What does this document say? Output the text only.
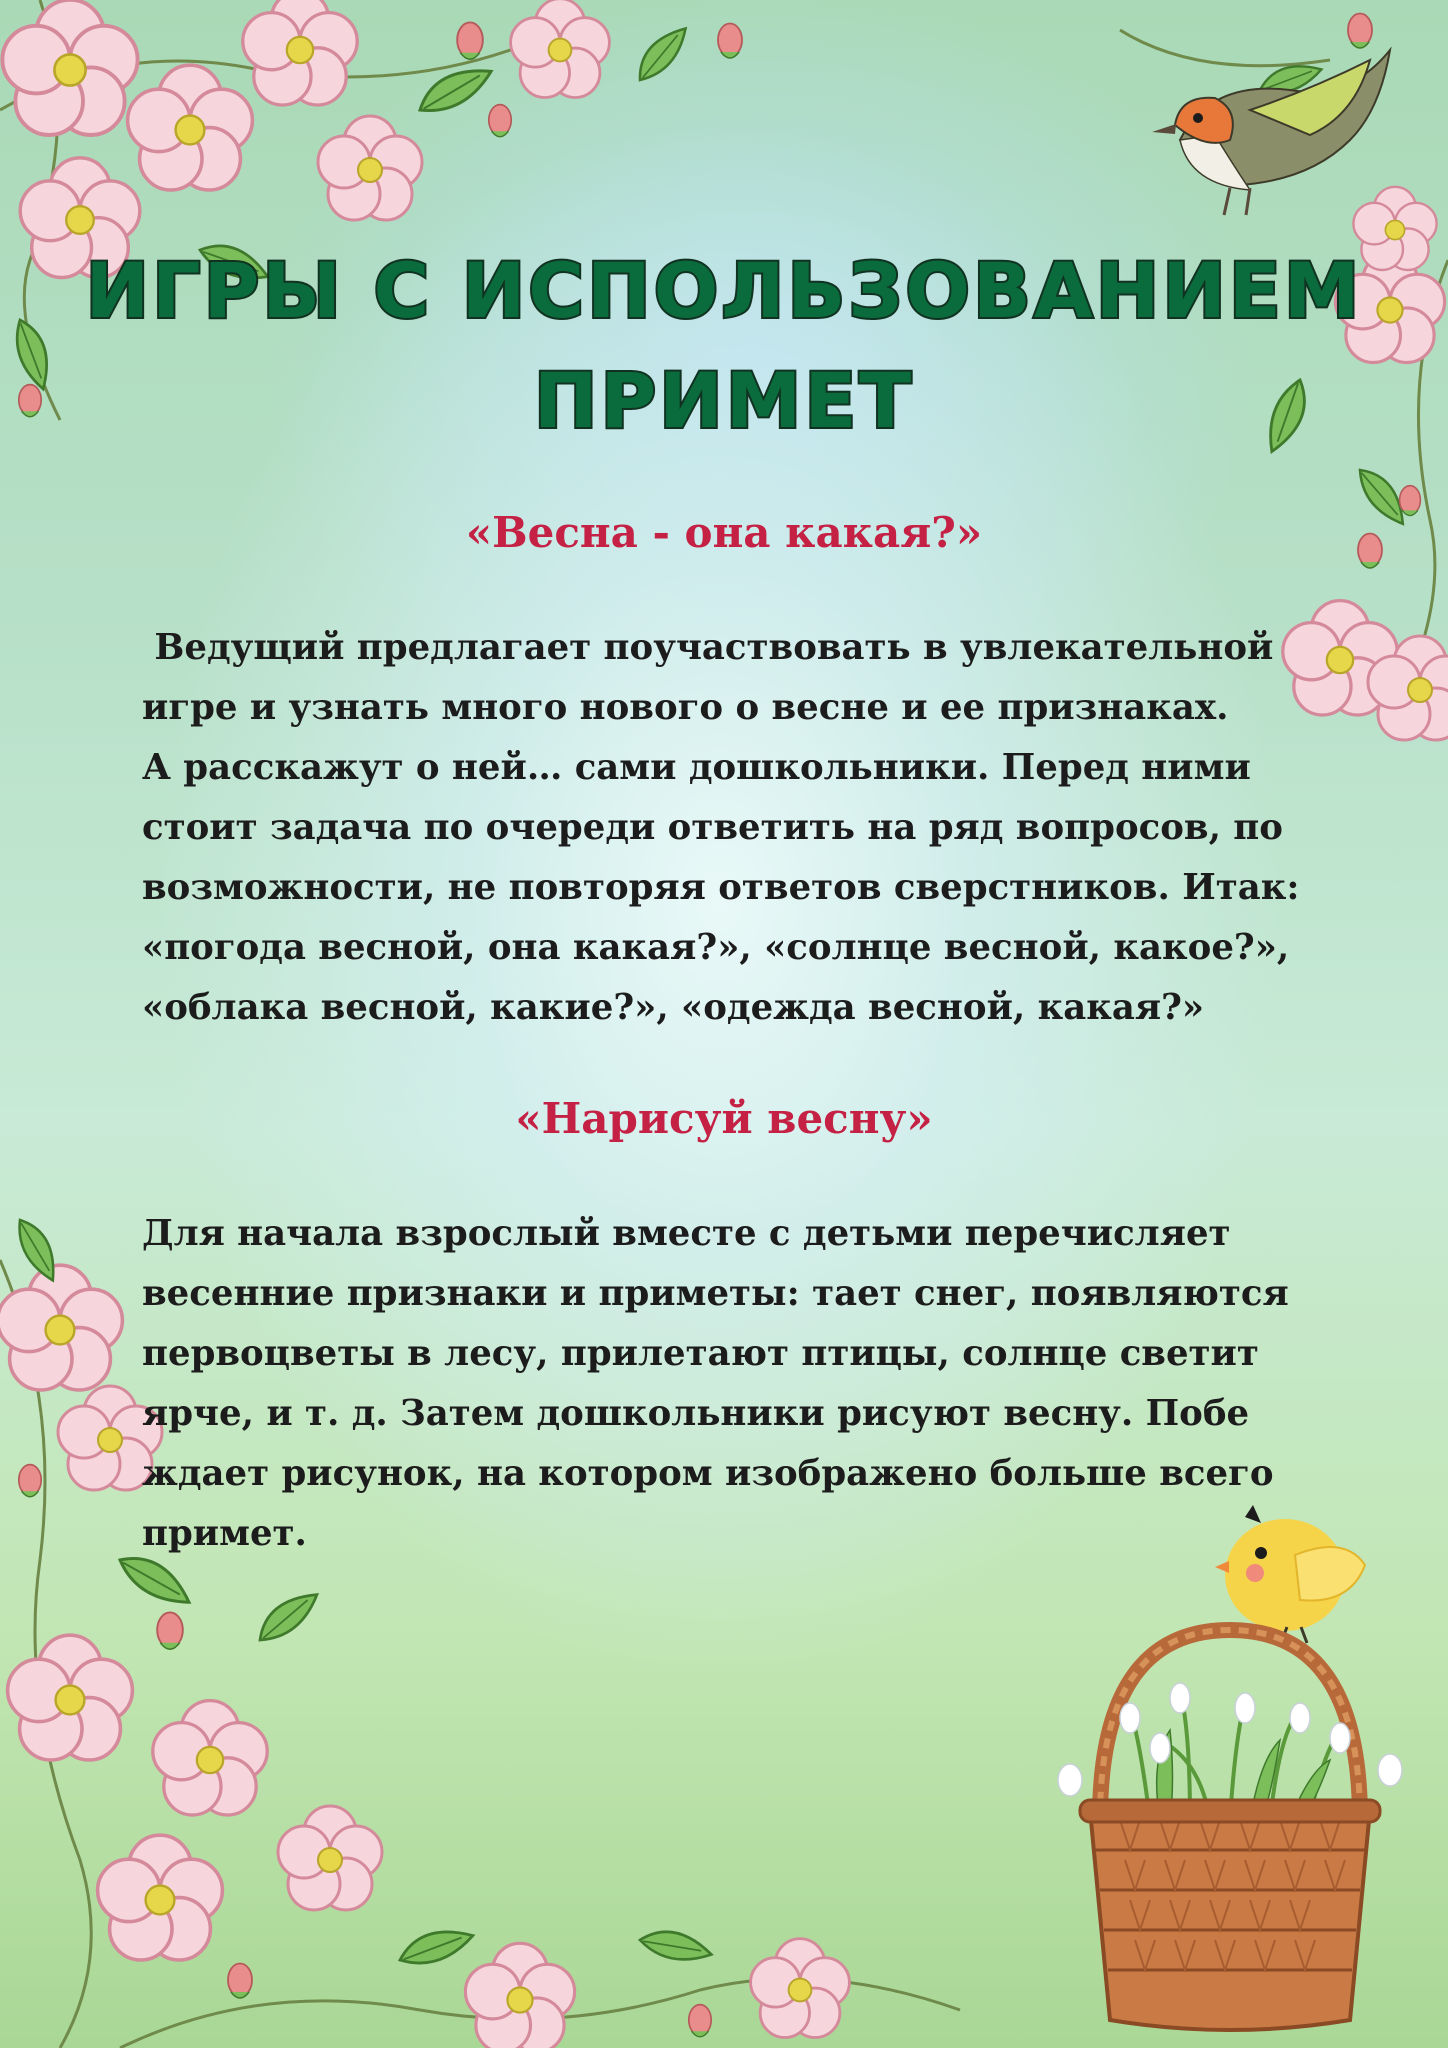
ИГРЫ С ИСПОЛЬЗОВАНИЕМ
ПРИМЕТ
«Весна - она какая?»

Ведущий предлагает поучаствовать в увлекательной
игре и узнать много нового о весне и ее признаках.
А расскажут о ней… сами дошкольники. Перед ними
стоит задача по очереди ответить на ряд вопросов, по
возможности, не повторяя ответов сверстников. Итак:
«погода весной, она какая?», «солнце весной, какое?»,
«облака весной, какие?», «одежда весной, какая?»

«Нарисуй весну»

Для начала взрослый вместе с детьми перечисляет
весенние признаки и приметы: тает снег, появляются
первоцветы в лесу, прилетают птицы, солнце светит
ярче, и т. д. Затем дошкольники рисуют весну. Побе
ждает рисунок, на котором изображено больше всего
примет.
